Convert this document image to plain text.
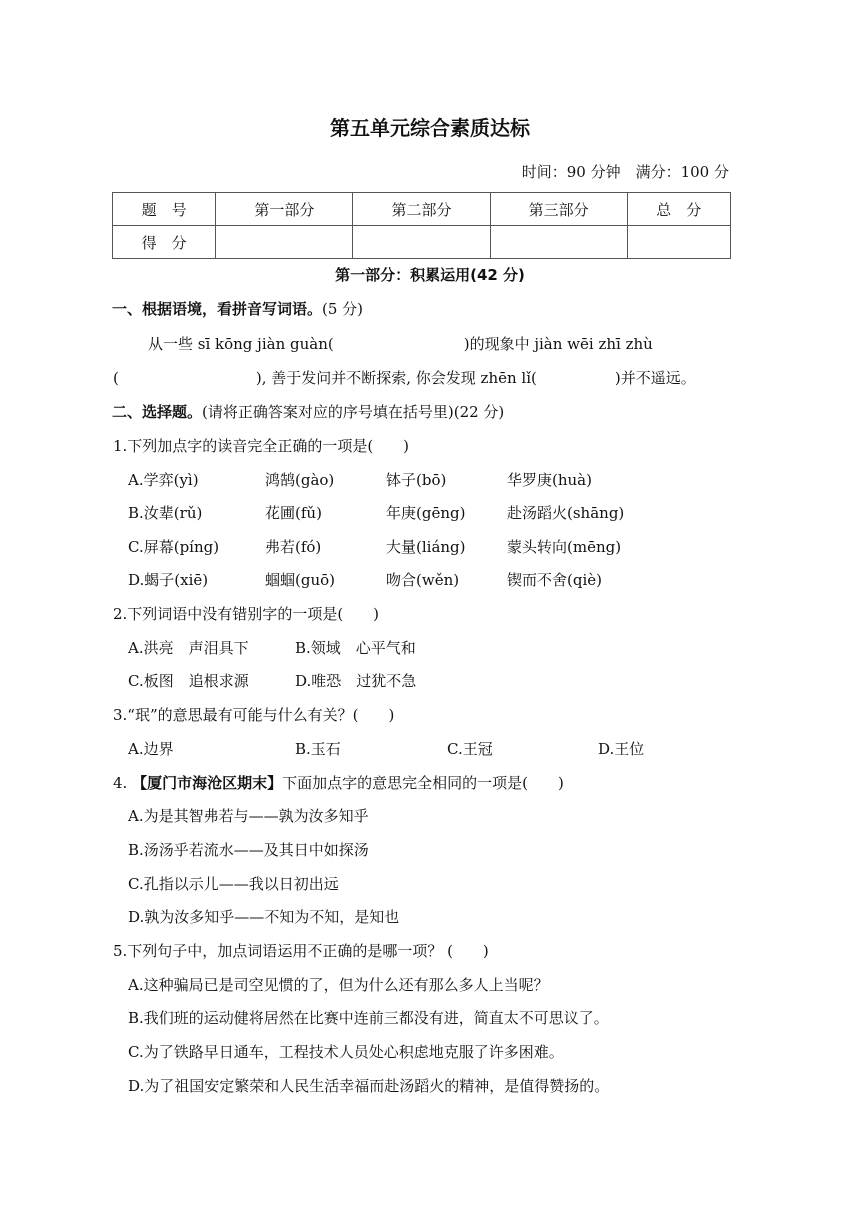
第五单元综合素质达标
时间：90 分钟　满分：100 分
题　号	第一部分	第二部分	第三部分	总　分
得　分				
第一部分：积累运用(42 分)
一、根据语境，看拼音写词语。(5 分)
从一些 sī kōng jiàn guàn(	)的现象中 jiàn wēi zhī zhù
(	), 善于发问并不断探索, 你会发现 zhēn lǐ(	)并不遥远。
二、选择题。(请将正确答案对应的序号填在括号里)(22 分)
1.下列加点字的读音完全正确的一项是(　　)
A.学弈(yì)	鸿鹄(gào)	钵子(bō)	华罗庚(huà)
B.汝辈(rǔ)	花圃(fǔ)	年庚(gēng)	赴汤蹈火(shāng)
C.屏幕(píng)	弗若(fó)	大量(liáng)	蒙头转向(mēng)
D.蝎子(xiē)	蝈蝈(guō)	吻合(wěn)	锲而不舍(qiè)
2.下列词语中没有错别字的一项是(　　)
A.洪亮　声泪具下	B.领域　心平气和
C.板图　追根求源	D.唯恐　过犹不急
3.“珉”的意思最有可能与什么有关？(　　)
A.边界	B.玉石	C.王冠	D.王位
4. 【厦门市海沧区期末】下面加点字的意思完全相同的一项是(　　)
A.为是其智弗若与——孰为汝多知乎
B.汤汤乎若流水——及其日中如探汤
C.孔指以示儿——我以日初出远
D.孰为汝多知乎——不知为不知，是知也
5.下列句子中，加点词语运用不正确的是哪一项？ (　　)
A.这种骗局已是司空见惯的了，但为什么还有那么多人上当呢？
B.我们班的运动健将居然在比赛中连前三都没有进，简直太不可思议了。
C.为了铁路早日通车，工程技术人员处心积虑地克服了许多困难。
D.为了祖国安定繁荣和人民生活幸福而赴汤蹈火的精神，是值得赞扬的。
